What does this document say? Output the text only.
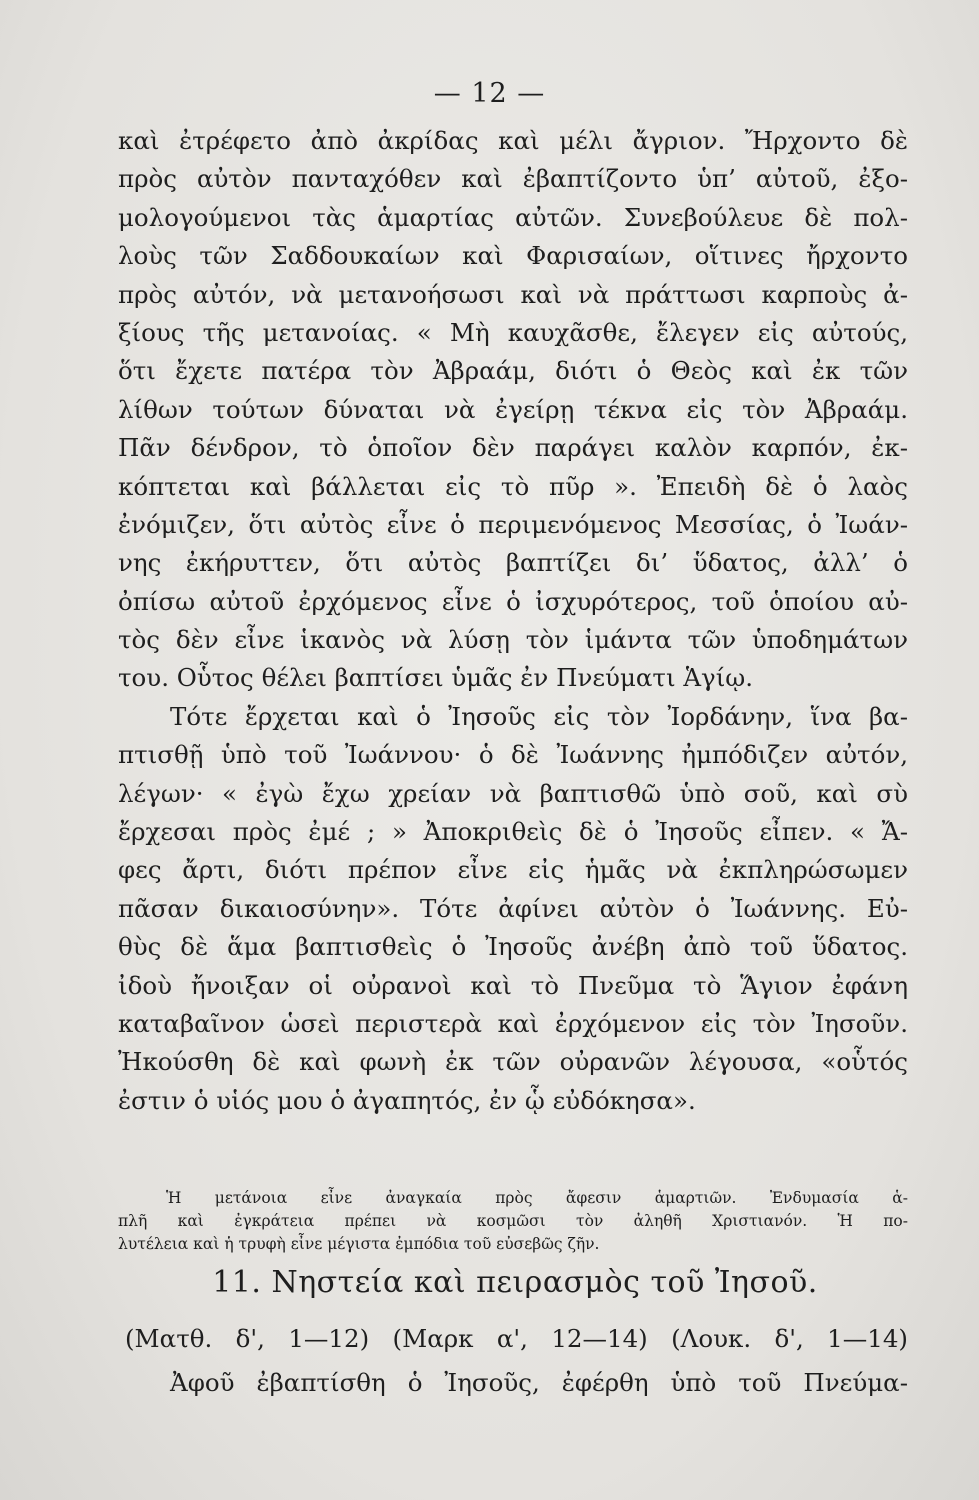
— 12 —
καὶ ἐτρέφετο ἀπὸ ἀκρίδας καὶ μέλι ἄγριον. Ἤρχοντο δὲ
πρὸς αὐτὸν πανταχόθεν καὶ ἐβαπτίζοντο ὑπ’ αὐτοῦ, ἐξο-
μολογούμενοι τὰς ἁμαρτίας αὐτῶν. Συνεβούλευε δὲ πολ-
λοὺς τῶν Σαδδουκαίων καὶ Φαρισαίων, οἵτινες ἤρχοντο
πρὸς αὐτόν, νὰ μετανοήσωσι καὶ νὰ πράττωσι καρποὺς ἀ-
ξίους τῆς μετανοίας. « Μὴ καυχᾶσθε, ἔλεγεν εἰς αὐτούς,
ὅτι ἔχετε πατέρα τὸν Ἀβραάμ, διότι ὁ Θεὸς καὶ ἐκ τῶν
λίθων τούτων δύναται νὰ ἐγείρῃ τέκνα εἰς τὸν Ἀβραάμ.
Πᾶν δένδρον, τὸ ὁποῖον δὲν παράγει καλὸν καρπόν, ἐκ-
κόπτεται καὶ βάλλεται εἰς τὸ πῦρ ». Ἐπειδὴ δὲ ὁ λαὸς
ἐνόμιζεν, ὅτι αὐτὸς εἶνε ὁ περιμενόμενος Μεσσίας, ὁ Ἰωάν-
νης ἐκήρυττεν, ὅτι αὐτὸς βαπτίζει δι’ ὕδατος, ἀλλ’ ὁ
ὀπίσω αὐτοῦ ἐρχόμενος εἶνε ὁ ἰσχυρότερος, τοῦ ὁποίου αὐ-
τὸς δὲν εἶνε ἱκανὸς νὰ λύσῃ τὸν ἱμάντα τῶν ὑποδημάτων
του. Οὗτος θέλει βαπτίσει ὑμᾶς ἐν Πνεύματι Ἁγίῳ.
Τότε ἔρχεται καὶ ὁ Ἰησοῦς εἰς τὸν Ἰορδάνην, ἵνα βα-
πτισθῇ ὑπὸ τοῦ Ἰωάννου· ὁ δὲ Ἰωάννης ἠμπόδιζεν αὐτόν,
λέγων· « ἐγὼ ἔχω χρείαν νὰ βαπτισθῶ ὑπὸ σοῦ, καὶ σὺ
ἔρχεσαι πρὸς ἐμέ ; » Ἀποκριθεὶς δὲ ὁ Ἰησοῦς εἶπεν. « Ἄ-
φες ἄρτι, διότι πρέπον εἶνε εἰς ἡμᾶς νὰ ἐκπληρώσωμεν
πᾶσαν δικαιοσύνην». Τότε ἀφίνει αὐτὸν ὁ Ἰωάννης. Εὐ-
θὺς δὲ ἅμα βαπτισθεὶς ὁ Ἰησοῦς ἀνέβη ἀπὸ τοῦ ὕδατος.
ἰδοὺ ἤνοιξαν οἱ οὐρανοὶ καὶ τὸ Πνεῦμα τὸ Ἅγιον ἐφάνη
καταβαῖνον ὡσεὶ περιστερὰ καὶ ἐρχόμενον εἰς τὸν Ἰησοῦν.
Ἠκούσθη δὲ καὶ φωνὴ ἐκ τῶν οὐρανῶν λέγουσα, «οὗτός
ἐστιν ὁ υἱός μου ὁ ἀγαπητός, ἐν ᾧ εὐδόκησα».
Ἡ μετάνοια εἶνε ἀναγκαία πρὸς ἄφεσιν ἁμαρτιῶν. Ἐνδυμασία ἁ-
πλῆ καὶ ἐγκράτεια πρέπει νὰ κοσμῶσι τὸν ἀληθῆ Χριστιανόν. Ἡ πο-
λυτέλεια καὶ ἡ τρυφὴ εἶνε μέγιστα ἐμπόδια τοῦ εὐσεβῶς ζῆν.
11. Νηστεία καὶ πειρασμὸς τοῦ Ἰησοῦ.
(Ματθ. δ', 1—12) (Μαρκ α', 12—14) (Λουκ. δ', 1—14)
Ἀφοῦ ἐβαπτίσθη ὁ Ἰησοῦς, ἐφέρθη ὑπὸ τοῦ Πνεύμα-
